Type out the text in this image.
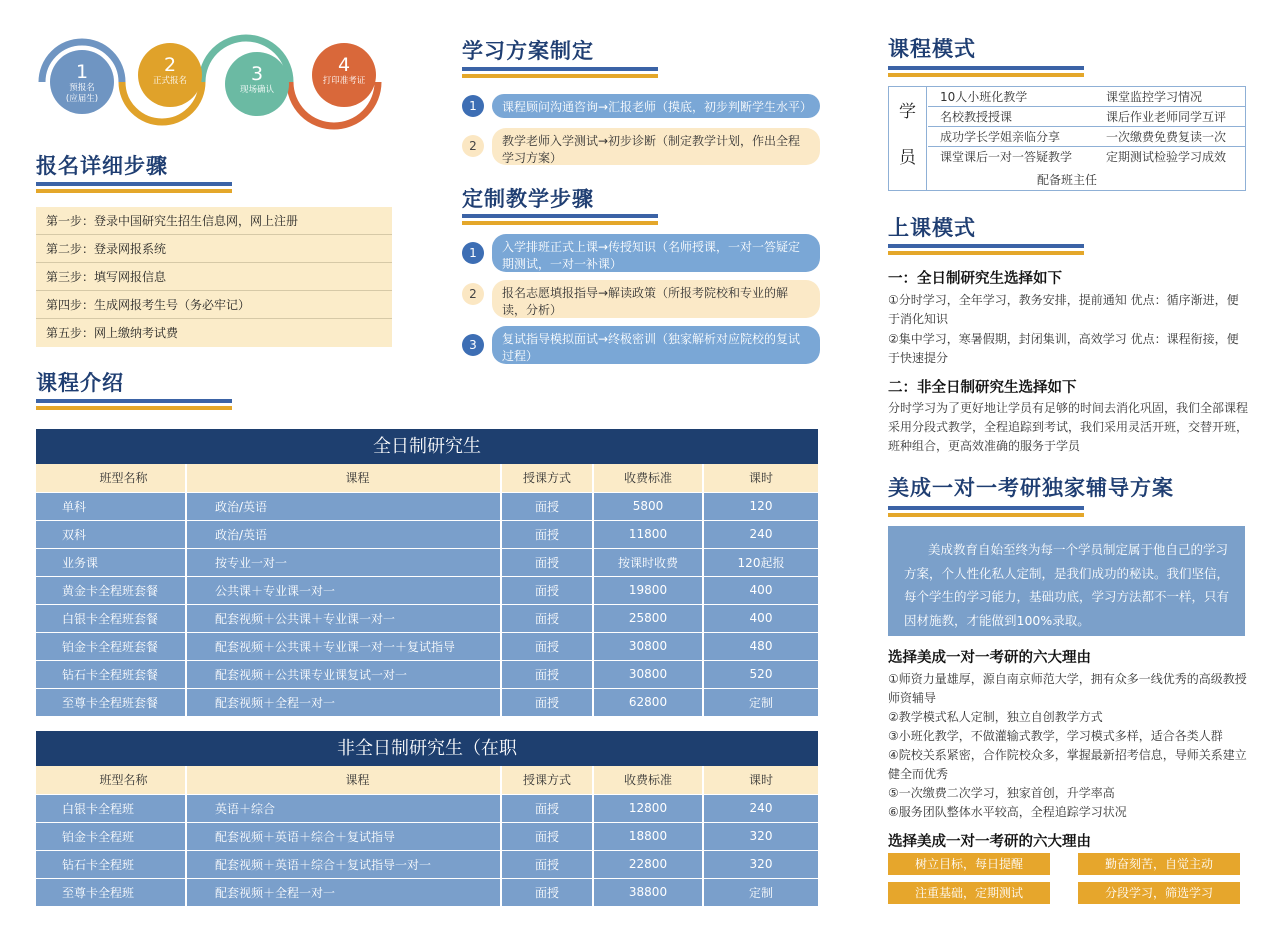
1
预报名
(应届生)
2
正式报名	3
现场确认
4
打印准考证
报名详细步骤
第一步：登录中国研究生招生信息网，网上注册
第二步：登录网报系统
第三步：填写网报信息
第四步：生成网报考生号（务必牢记）
第五步：网上缴纳考试费
学习方案制定
1	课程顾问沟通咨询→汇报老师（摸底，初步判断学生水平）
2	教学老师入学测试→初步诊断（制定教学计划，作出全程学习方案）
定制教学步骤
1	入学排班正式上课→传授知识（名师授课，一对一答疑定期测试，一对一补课）
2	报名志愿填报指导→解读政策（所报考院校和专业的解读，分析）
3	复试指导模拟面试→终极密训（独家解析对应院校的复试过程）
课程介绍
全日制研究生
班型名称	课程	授课方式	收费标准	课时
单科	政治/英语	面授	5800	120
双科	政治/英语	面授	11800	240
业务课	按专业一对一	面授	按课时收费	120起报
黄金卡全程班套餐	公共课＋专业课一对一	面授	19800	400
白银卡全程班套餐	配套视频＋公共课＋专业课一对一	面授	25800	400
铂金卡全程班套餐	配套视频＋公共课＋专业课一对一＋复试指导	面授	30800	480
钻石卡全程班套餐	配套视频＋公共课专业课复试一对一	面授	30800	520
至尊卡全程班套餐	配套视频＋全程一对一	面授	62800	定制
非全日制研究生（在职
班型名称	课程	授课方式	收费标准	课时
白银卡全程班	英语＋综合	面授	12800	240
铂金卡全程班	配套视频＋英语＋综合＋复试指导	面授	18800	320
钻石卡全程班	配套视频＋英语＋综合＋复试指导一对一	面授	22800	320
至尊卡全程班	配套视频＋全程一对一	面授	38800	定制
课程模式
学
员
10人小班化教学	课堂监控学习情况
名校教授授课	课后作业老师同学互评
成功学长学姐亲临分享	一次缴费免费复读一次
课堂课后一对一答疑教学	定期测试检验学习成效
配备班主任
上课模式
一：全日制研究生选择如下
①分时学习，全年学习，教务安排，提前通知 优点：循序渐进，便于消化知识
②集中学习，寒暑假期，封闭集训，高效学习 优点：课程衔接，便于快速提分
二：非全日制研究生选择如下
分时学习为了更好地让学员有足够的时间去消化巩固，我们全部课程采用分段式教学，全程追踪到考试，我们采用灵活开班，交替开班，班种组合，更高效准确的服务于学员
美成一对一考研独家辅导方案
美成教育自始至终为每一个学员制定属于他自己的学习方案，个人性化私人定制，是我们成功的秘诀。我们坚信，每个学生的学习能力，基础功底，学习方法都不一样，只有因材施教，才能做到100%录取。
选择美成一对一考研的六大理由
①师资力量雄厚，源自南京师范大学，拥有众多一线优秀的高级教授师资辅导
②教学模式私人定制，独立自创教学方式
③小班化教学，不做灌输式教学，学习模式多样，适合各类人群
④院校关系紧密，合作院校众多，掌握最新招考信息，导师关系建立健全而优秀
⑤一次缴费二次学习，独家首创，升学率高
⑥服务团队整体水平较高，全程追踪学习状况
选择美成一对一考研的六大理由
树立目标，每日提醒	勤奋刻苦，自觉主动
注重基础，定期测试	分段学习，筛选学习
